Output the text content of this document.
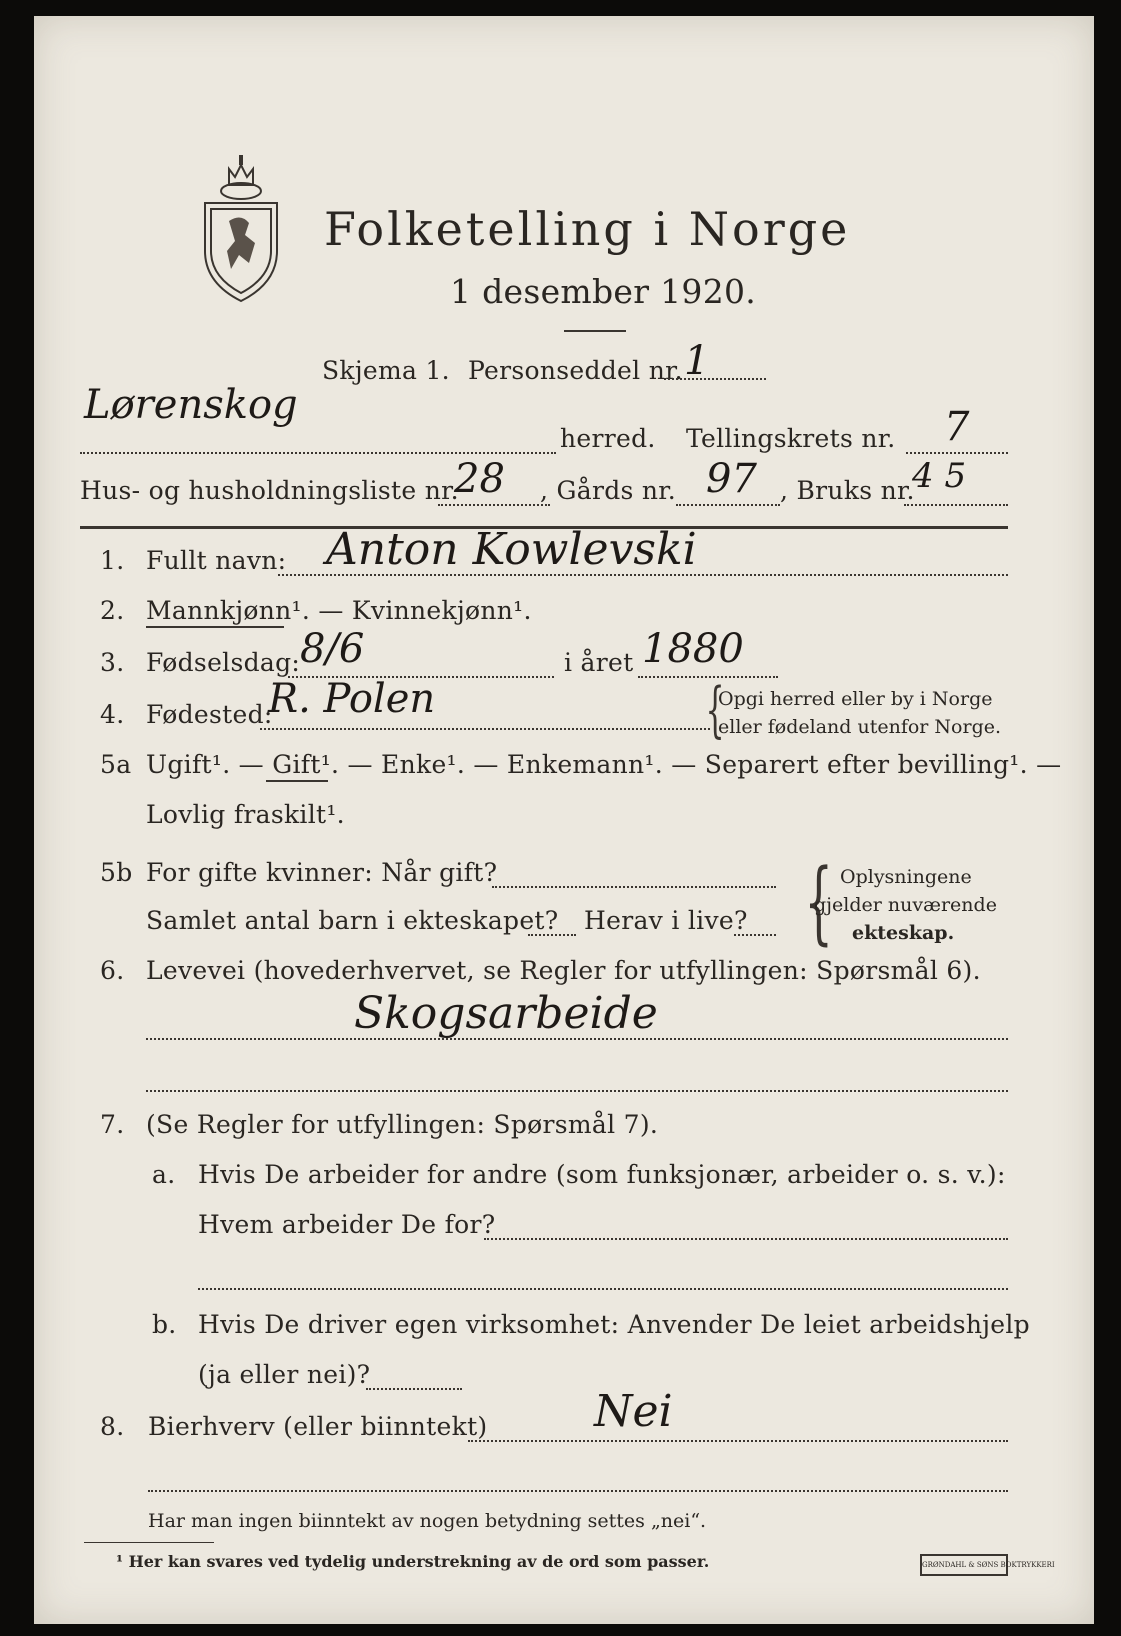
Folketelling i Norge
1 desember 1920.
Skjema 1. Personseddel nr. 1
Lørenskog
herred. Tellingskrets nr. 7
Hus- og husholdningsliste nr.
28 , Gårds nr. 97 , Bruks nr.
4 5
1. Fullt navn: Anton Kowlevski
2. Mannkjønn¹. — Kvinnekjønn¹.
3. Fødselsdag: 8/6	i året 1880
4. Fødested:
R. Polen	{
Opgi herred eller by i Norge
eller fødeland utenfor Norge.
5a Ugift¹. — Gift¹. — Enke¹. — Enkemann¹. — Separert efter bevilling¹. —
Lovlig fraskilt¹.
5b For gifte kvinner: Når gift?
Samlet antal barn i ekteskapet? Herav i live? { Oplysningene
gjelder nuværende
ekteskap.
6. Levevei (hovederhvervet, se Regler for utfyllingen: Spørsmål 6).
Skogsarbeide
7. (Se Regler for utfyllingen: Spørsmål 7).
a. Hvis De arbeider for andre (som funksjonær, arbeider o. s. v.):
Hvem arbeider De for?
b. Hvis De driver egen virksomhet: Anvender De leiet arbeidshjelp
(ja eller nei)?
8. Bierhverv (eller biinntekt) Nei
Har man ingen biinntekt av nogen betydning settes „nei“.
¹ Her kan svares ved tydelig understrekning av de ord som passer.	GRØNDAHL & SØNS BOKTRYKKERI
